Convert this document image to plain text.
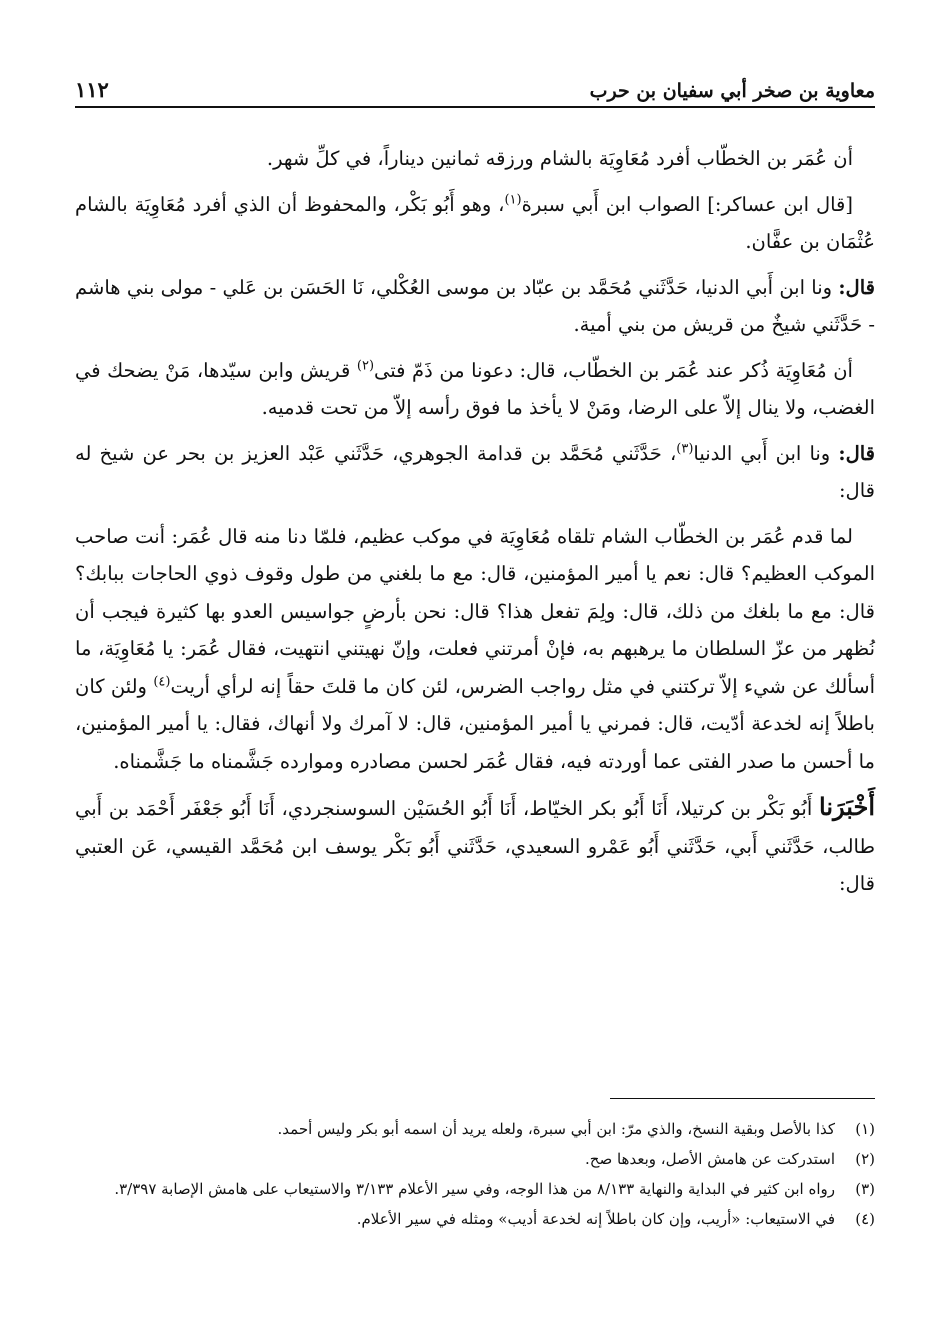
معاوية بن صخر أبي سفيان بن حرب
١١٢

أن عُمَر بن الخطّاب أفرد مُعَاوِيَة بالشام ورزقه ثمانين ديناراً، في كلِّ شهر.

[قال ابن عساكر:] الصواب ابن أَبي سبرة$^{(١)}$، وهو أَبُو بَكْر، والمحفوظ أن الذي أفرد مُعَاوِيَة بالشام عُثْمَان بن عفَّان.

قال: ونا ابن أَبي الدنيا، حَدَّثَني مُحَمَّد بن عبّاد بن موسى العُكْلي، نَا الحَسَن بن عَلي - مولى بني هاشم - حَدَّثَني شيخٌ من قريش من بني أمية.

أن مُعَاوِيَة ذُكر عند عُمَر بن الخطّاب، قال: دعونا من ذَمّ فتى$^{(٢)}$ قريش وابن سيّدها، مَنْ يضحك في الغضب، ولا ينال إلاّ على الرضا، ومَنْ لا يأخذ ما فوق رأسه إلاّ من تحت قدميه.

قال: ونا ابن أَبي الدنيا$^{(٣)}$، حَدَّثَني مُحَمَّد بن قدامة الجوهري، حَدَّثَني عَبْد العزيز بن بحر عن شيخ له قال:

لما قدم عُمَر بن الخطّاب الشام تلقاه مُعَاوِيَة في موكب عظيم، فلمّا دنا منه قال عُمَر: أنت صاحب الموكب العظيم؟ قال: نعم يا أمير المؤمنين، قال: مع ما بلغني من طول وقوف ذوي الحاجات ببابك؟ قال: مع ما بلغك من ذلك، قال: ولِمَ تفعل هذا؟ قال: نحن بأرضٍ جواسيس العدو بها كثيرة فيجب أن نُظهر من عزّ السلطان ما يرهبهم به، فإنْ أمرتني فعلت، وإنّ نهيتني انتهيت، فقال عُمَر: يا مُعَاوِيَة، ما أسألك عن شيء إلاّ تركتني في مثل رواجب الضرس، لئن كان ما قلتَ حقاً إنه لرأي أريت$^{(٤)}$ ولئن كان باطلاً إنه لخدعة أدّيت، قال: فمرني يا أمير المؤمنين، قال: لا آمرك ولا أنهاك، فقال: يا أمير المؤمنين، ما أحسن ما صدر الفتى عما أوردته فيه، فقال عُمَر لحسن مصادره وموارده جَشَّمناه ما جَشَّمناه.

أَخْبَرَنا أَبُو بَكْر بن كرتيلا، أَنَا أَبُو بكر الخيّاط، أَنَا أَبُو الحُسَيْن السوسنجردي، أَنَا أَبُو جَعْفَر أَحْمَد بن أَبي طالب، حَدَّثَني أَبي، حَدَّثَني أَبُو عَمْرو السعيدي، حَدَّثَني أَبُو بَكْر يوسف ابن مُحَمَّد القيسي، عَن العتبي قال:

(١)
كذا بالأصل وبقية النسخ، والذي مرّ: ابن أبي سبرة، ولعله يريد أن اسمه أبو بكر وليس أحمد.
(٢)
استدركت عن هامش الأصل، وبعدها صح.
(٣)
رواه ابن كثير في البداية والنهاية ٨/١٣٣ من هذا الوجه، وفي سير الأعلام ٣/١٣٣ والاستيعاب على هامش الإصابة ٣/٣٩٧.
(٤)
في الاستيعاب: «أريب، وإن كان باطلاً إنه لخدعة أديب» ومثله في سير الأعلام.
